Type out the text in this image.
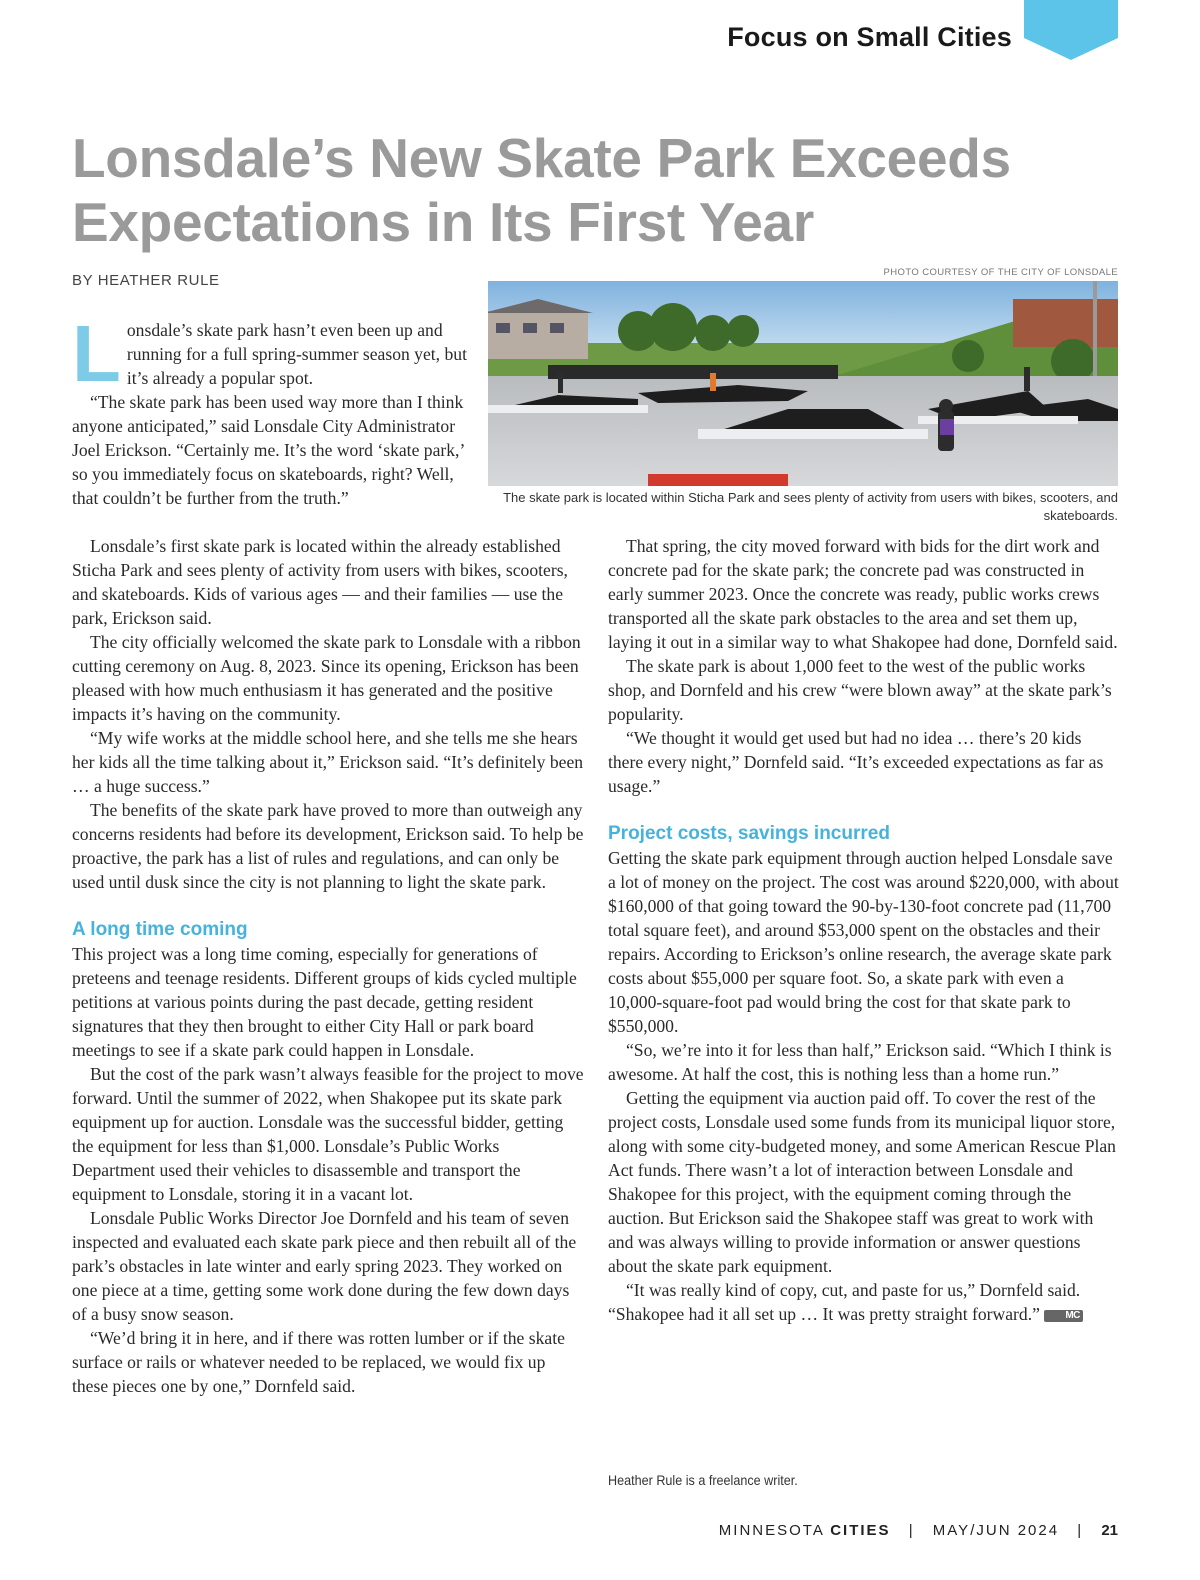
Focus on Small Cities
Lonsdale’s New Skate Park Exceeds Expectations in Its First Year
BY HEATHER RULE	PHOTO COURTESY OF THE CITY OF LONSDALE
The skate park is located within Sticha Park and sees plenty of activity from users with bikes, scooters, and skateboards.

Lonsdale’s skate park hasn’t even been up and running for a full spring-summer season yet, but it’s already a popular spot.

“The skate park has been used way more than I think anyone anticipated,” said Lonsdale City Administrator Joel Erickson. “Certainly me. It’s the word ‘skate park,’ so you immediately focus on skateboards, right? Well, that couldn’t be further from the truth.”

Lonsdale’s first skate park is located within the already established Sticha Park and sees plenty of activity from users with bikes, scooters, and skateboards. Kids of various ages — and their families — use the park, Erickson said.

The city officially welcomed the skate park to Lonsdale with a ribbon cutting ceremony on Aug. 8, 2023. Since its opening, Erickson has been pleased with how much enthusiasm it has generated and the positive impacts it’s having on the community.

“My wife works at the middle school here, and she tells me she hears her kids all the time talking about it,” Erickson said. “It’s definitely been … a huge success.”

The benefits of the skate park have proved to more than outweigh any concerns residents had before its development, Erickson said. To help be proactive, the park has a list of rules and regulations, and can only be used until dusk since the city is not planning to light the skate park.

A long time coming

This project was a long time coming, especially for generations of preteens and teenage residents. Different groups of kids cycled multiple petitions at various points during the past decade, getting resident signatures that they then brought to either City Hall or park board meetings to see if a skate park could happen in Lonsdale.

But the cost of the park wasn’t always feasible for the project to move forward. Until the summer of 2022, when Shakopee put its skate park equipment up for auction. Lonsdale was the successful bidder, getting the equipment for less than $1,000. Lonsdale’s Public Works Department used their vehicles to disassemble and transport the equipment to Lonsdale, storing it in a vacant lot.

Lonsdale Public Works Director Joe Dornfeld and his team of seven inspected and evaluated each skate park piece and then rebuilt all of the park’s obstacles in late winter and early spring 2023. They worked on one piece at a time, getting some work done during the few down days of a busy snow season.

“We’d bring it in here, and if there was rotten lumber or if the skate surface or rails or whatever needed to be replaced, we would fix up these pieces one by one,” Dornfeld said.

That spring, the city moved forward with bids for the dirt work and concrete pad for the skate park; the concrete pad was constructed in early summer 2023. Once the concrete was ready, public works crews transported all the skate park obstacles to the area and set them up, laying it out in a similar way to what Shakopee had done, Dornfeld said.

The skate park is about 1,000 feet to the west of the public works shop, and Dornfeld and his crew “were blown away” at the skate park’s popularity.

“We thought it would get used but had no idea … there’s 20 kids there every night,” Dornfeld said. “It’s exceeded expectations as far as usage.”

Project costs, savings incurred

Getting the skate park equipment through auction helped Lonsdale save a lot of money on the project. The cost was around $220,000, with about $160,000 of that going toward the 90-by-130-foot concrete pad (11,700 total square feet), and around $53,000 spent on the obstacles and their repairs. According to Erickson’s online research, the average skate park costs about $55,000 per square foot. So, a skate park with even a 10,000-square-foot pad would bring the cost for that skate park to $550,000.

“So, we’re into it for less than half,” Erickson said. “Which I think is awesome. At half the cost, this is nothing less than a home run.”

Getting the equipment via auction paid off. To cover the rest of the project costs, Lonsdale used some funds from its municipal liquor store, along with some city-budgeted money, and some American Rescue Plan Act funds. There wasn’t a lot of interaction between Lonsdale and Shakopee for this project, with the equipment coming through the auction. But Erickson said the Shakopee staff was great to work with and was always willing to provide information or answer questions about the skate park equipment.

“It was really kind of copy, cut, and paste for us,” Dornfeld said. “Shakopee had it all set up … It was pretty straight forward.”	MC

Heather Rule is a freelance writer.
MINNESOTA CITIES | MAY/JUN 2024 | 21
